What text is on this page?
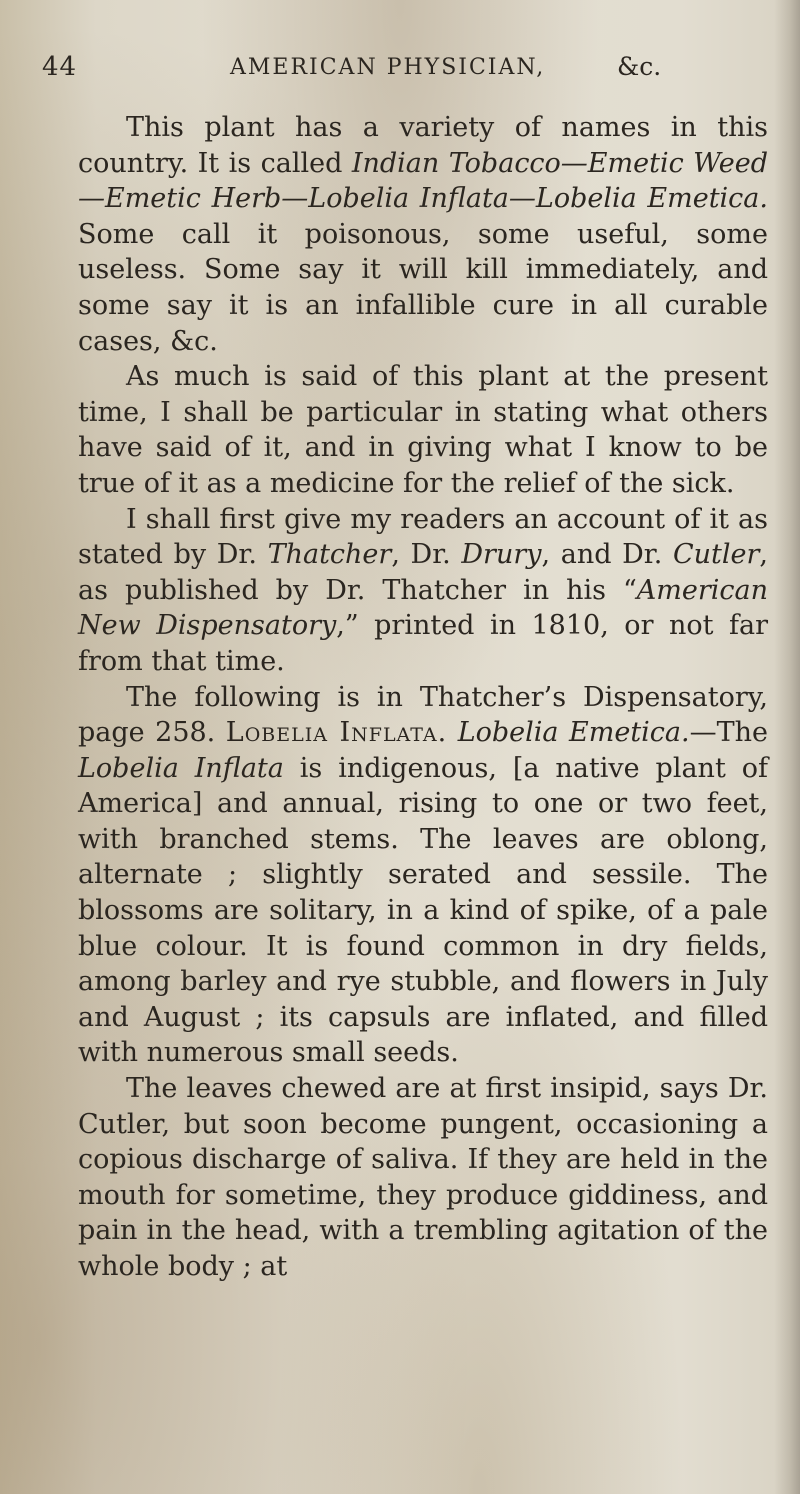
44	AMERICAN PHYSICIAN,	&c.

This plant has a variety of names in this country. It is called Indian Tobacco—Emetic Weed—Emetic Herb—Lobelia Inflata—Lobelia Emetica. Some call it poisonous, some useful, some useless. Some say it will kill immediately, and some say it is an infallible cure in all curable cases, &c.

As much is said of this plant at the present time, I shall be particular in stating what others have said of it, and in giving what I know to be true of it as a medicine for the relief of the sick.

I shall first give my readers an account of it as stated by Dr. Thatcher, Dr. Drury, and Dr. Cutler, as published by Dr. Thatcher in his “American New Dispensatory,” printed in 1810, or not far from that time.

The following is in Thatcher’s Dispensatory, page 258. Lobelia Inflata. Lobelia Emetica.—The Lobelia Inflata is indigenous, [a native plant of America] and annual, rising to one or two feet, with branched stems. The leaves are oblong, alternate ; slightly serated and sessile. The blossoms are solitary, in a kind of spike, of a pale blue colour. It is found common in dry fields, among barley and rye stubble, and flowers in July and August ; its capsuls are inflated, and filled with numerous small seeds.

The leaves chewed are at first insipid, says Dr. Cutler, but soon become pungent, occasioning a copious discharge of saliva. If they are held in the mouth for sometime, they produce giddiness, and pain in the head, with a trembling agitation of the whole body ; at
